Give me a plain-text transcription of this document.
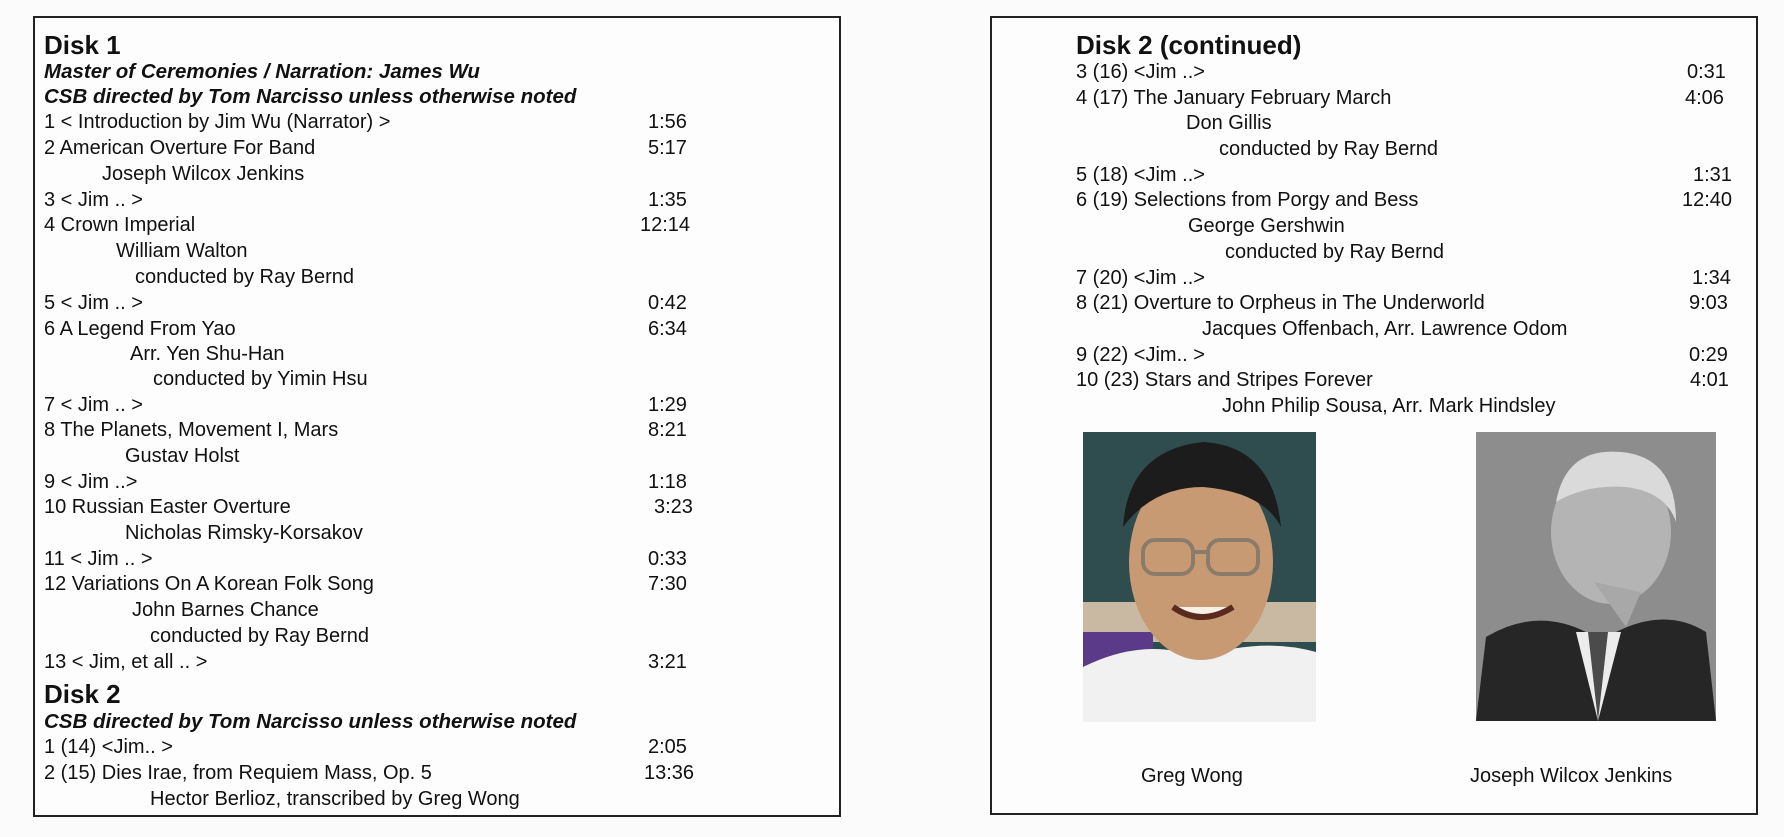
Disk 1
Master of Ceremonies / Narration: James Wu
CSB directed by Tom Narcisso unless otherwise noted
1 < Introduction by Jim Wu (Narrator) >	1:56
2 American Overture For Band	5:17
Joseph Wilcox Jenkins
3 < Jim .. >	1:35
4 Crown Imperial	12:14
William Walton
conducted by Ray Bernd
5 < Jim .. >	0:42
6 A Legend From Yao	6:34
Arr. Yen Shu-Han
conducted by Yimin Hsu
7 < Jim .. >	1:29
8 The Planets, Movement I, Mars	8:21
Gustav Holst
9 < Jim ..>	1:18
10 Russian Easter Overture	3:23
Nicholas Rimsky-Korsakov
11 < Jim .. >	0:33
12 Variations On A Korean Folk Song	7:30
John Barnes Chance
conducted by Ray Bernd
13 < Jim, et all .. >	3:21
Disk 2
CSB directed by Tom Narcisso unless otherwise noted
1 (14) <Jim.. >	2:05
2 (15) Dies Irae, from Requiem Mass, Op. 5	13:36
Hector Berlioz, transcribed by Greg Wong
Disk 2 (continued)
3 (16) <Jim ..>	0:31
4 (17) The January February March	4:06
Don Gillis
conducted by Ray Bernd
5 (18) <Jim ..>	1:31
6 (19) Selections from Porgy and Bess	12:40
George Gershwin
conducted by Ray Bernd
7 (20) <Jim ..>	1:34
8 (21) Overture to Orpheus in The Underworld	9:03
Jacques Offenbach, Arr. Lawrence Odom
9 (22) <Jim.. >	0:29
10 (23) Stars and Stripes Forever	4:01
John Philip Sousa, Arr. Mark Hindsley
Greg Wong	Joseph Wilcox Jenkins
